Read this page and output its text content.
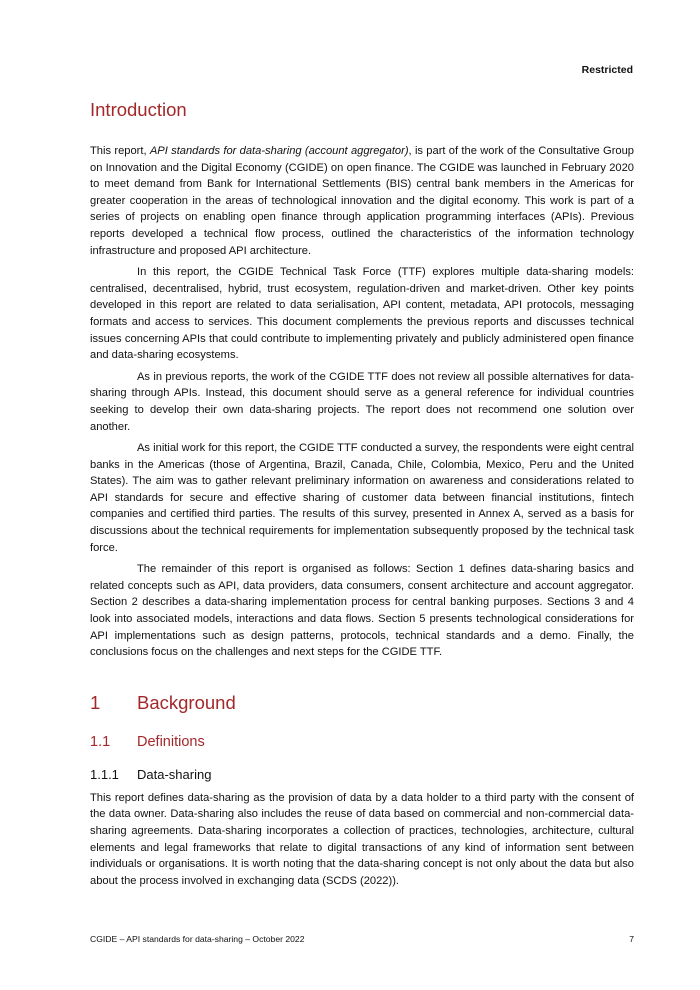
Restricted
Introduction

This report, API standards for data-sharing (account aggregator), is part of the work of the Consultative Group on Innovation and the Digital Economy (CGIDE) on open finance. The CGIDE was launched in February 2020 to meet demand from Bank for International Settlements (BIS) central bank members in the Americas for greater cooperation in the areas of technological innovation and the digital economy. This work is part of a series of projects on enabling open finance through application programming interfaces (APIs). Previous reports developed a technical flow process, outlined the characteristics of the information technology infrastructure and proposed API architecture.

In this report, the CGIDE Technical Task Force (TTF) explores multiple data-sharing models: centralised, decentralised, hybrid, trust ecosystem, regulation-driven and market-driven. Other key points developed in this report are related to data serialisation, API content, metadata, API protocols, messaging formats and access to services. This document complements the previous reports and discusses technical issues concerning APIs that could contribute to implementing privately and publicly administered open finance and data-sharing ecosystems.

As in previous reports, the work of the CGIDE TTF does not review all possible alternatives for data-sharing through APIs. Instead, this document should serve as a general reference for individual countries seeking to develop their own data-sharing projects. The report does not recommend one solution over another.

As initial work for this report, the CGIDE TTF conducted a survey, the respondents were eight central banks in the Americas (those of Argentina, Brazil, Canada, Chile, Colombia, Mexico, Peru and the United States). The aim was to gather relevant preliminary information on awareness and considerations related to API standards for secure and effective sharing of customer data between financial institutions, fintech companies and certified third parties. The results of this survey, presented in Annex A, served as a basis for discussions about the technical requirements for implementation subsequently proposed by the technical task force.

The remainder of this report is organised as follows: Section 1 defines data-sharing basics and related concepts such as API, data providers, data consumers, consent architecture and account aggregator. Section 2 describes a data-sharing implementation process for central banking purposes. Sections 3 and 4 look into associated models, interactions and data flows. Section 5 presents technological considerations for API implementations such as design patterns, protocols, technical standards and a demo. Finally, the conclusions focus on the challenges and next steps for the CGIDE TTF.

1	Background
1.1	Definitions
1.1.1	Data-sharing

This report defines data-sharing as the provision of data by a data holder to a third party with the consent of the data owner. Data-sharing also includes the reuse of data based on commercial and non-commercial data-sharing agreements. Data-sharing incorporates a collection of practices, technologies, architecture, cultural elements and legal frameworks that relate to digital transactions of any kind of information sent between individuals or organisations. It is worth noting that the data-sharing concept is not only about the data but also about the process involved in exchanging data (SCDS (2022)).

CGIDE – API standards for data-sharing – October 2022	7
